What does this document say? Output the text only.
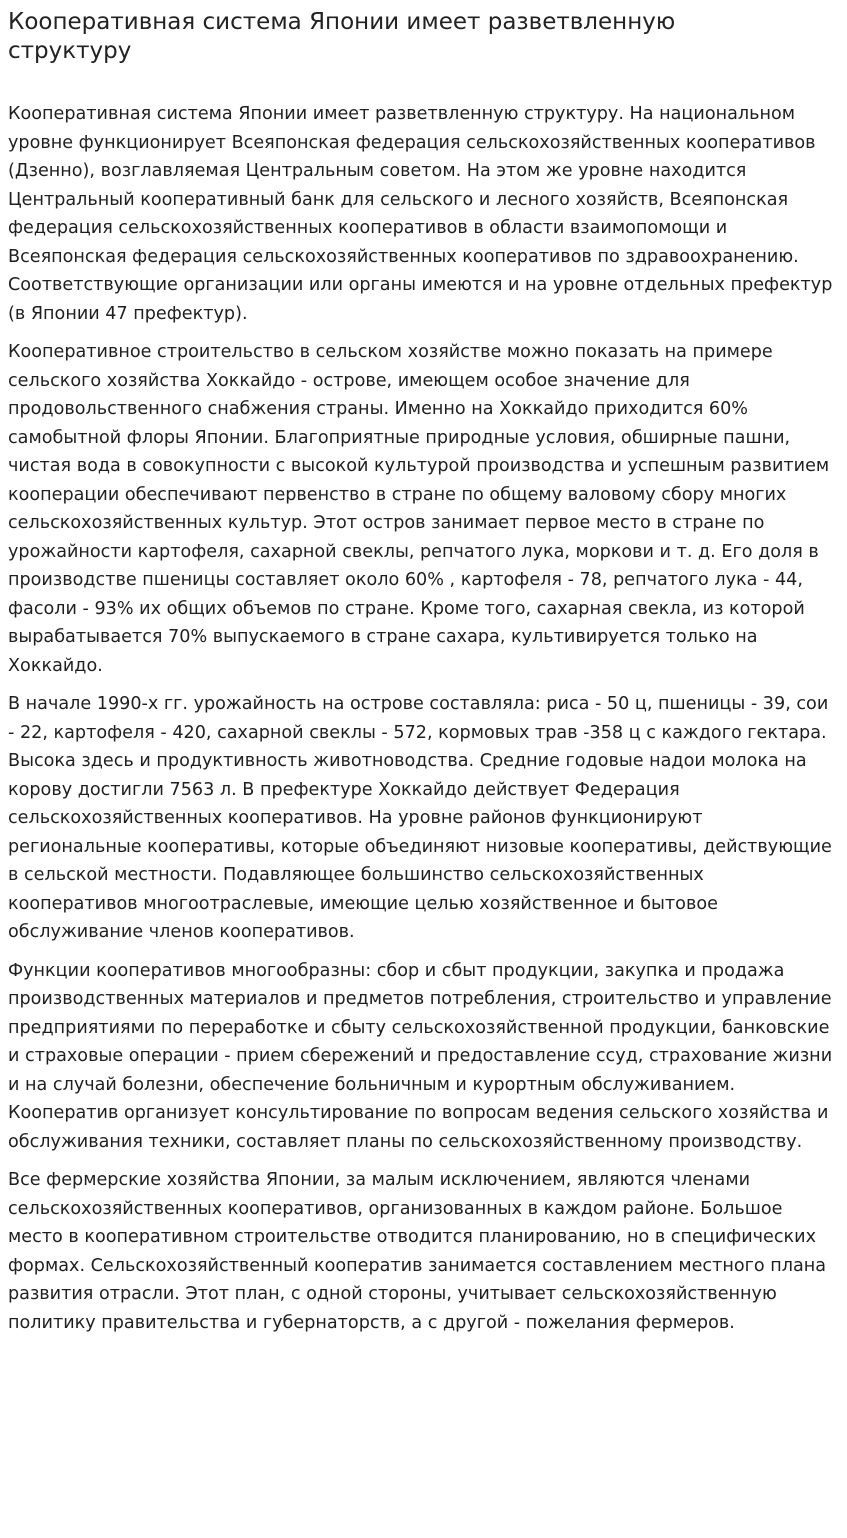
Кооперативная система Японии имеет разветвленную структуру

Кооперативная система Японии имеет разветвленную структуру. На национальном уровне функционирует Всеяпонская федерация сельскохозяйственных кооперативов (Дзенно), возглавляемая Центральным советом. На этом же уровне находится Центральный кооперативный банк для сельского и лесного хозяйств, Всеяпонская федерация сельскохозяйственных кооперативов в области взаимопомощи и Всеяпонская федерация сельскохозяйственных кооперативов по здравоохранению. Соответствующие организации или органы имеются и на уровне отдельных префектур (в Японии 47 префектур).

Кооперативное строительство в сельском хозяйстве можно показать на примере сельского хозяйства Хоккайдо - острове, имеющем особое значение для продовольственного снабжения страны. Именно на Хоккайдо приходится 60% самобытной флоры Японии. Благоприятные природные условия, обширные пашни, чистая вода в совокупности с высокой культурой производства и успешным развитием кооперации обеспечивают первенство в стране по общему валовому сбору многих сельскохозяйственных культур. Этот остров занимает первое место в стране по урожайности картофеля, сахарной свеклы, репчатого лука, моркови и т. д. Его доля в производстве пшеницы составляет около 60% , картофеля - 78, репчатого лука - 44, фасоли - 93% их общих объемов по стране. Кроме того, сахарная свекла, из которой вырабатывается 70% выпускаемого в стране сахара, культивируется только на Хоккайдо.

В начале 1990-х гг. урожайность на острове составляла: риса - 50 ц, пшеницы - 39, сои - 22, картофеля - 420, сахарной свеклы - 572, кормовых трав -358 ц с каждого гектара. Высока здесь и продуктивность животноводства. Средние годовые надои молока на корову достигли 7563 л. В префектуре Хоккайдо действует Федерация сельскохозяйственных кооперативов. На уровне районов функционируют региональные кооперативы, которые объединяют низовые кооперативы, действующие в сельской местности. Подавляющее большинство сельскохозяйственных кооперативов многоотраслевые, имеющие целью хозяйственное и бытовое обслуживание членов кооперативов.

Функции кооперативов многообразны: сбор и сбыт продукции, закупка и продажа производственных материалов и предметов потребления, строительство и управление предприятиями по переработке и сбыту сельскохозяйственной продукции, банковские и страховые операции - прием сбережений и предоставление ссуд, страхование жизни и на случай болезни, обеспечение больничным и курортным обслуживанием. Кооператив организует консультирование по вопросам ведения сельского хозяйства и обслуживания техники, составляет планы по сельскохозяйственному производству.

Все фермерские хозяйства Японии, за малым исключением, являются членами сельскохозяйственных кооперативов, организованных в каждом районе. Большое место в кооперативном строительстве отводится планированию, но в специфических формах. Сельскохозяйственный кооператив занимается составлением местного плана развития отрасли. Этот план, с одной стороны, учитывает сельскохозяйственную политику правительства и губернаторств, а с другой - пожелания фермеров.
